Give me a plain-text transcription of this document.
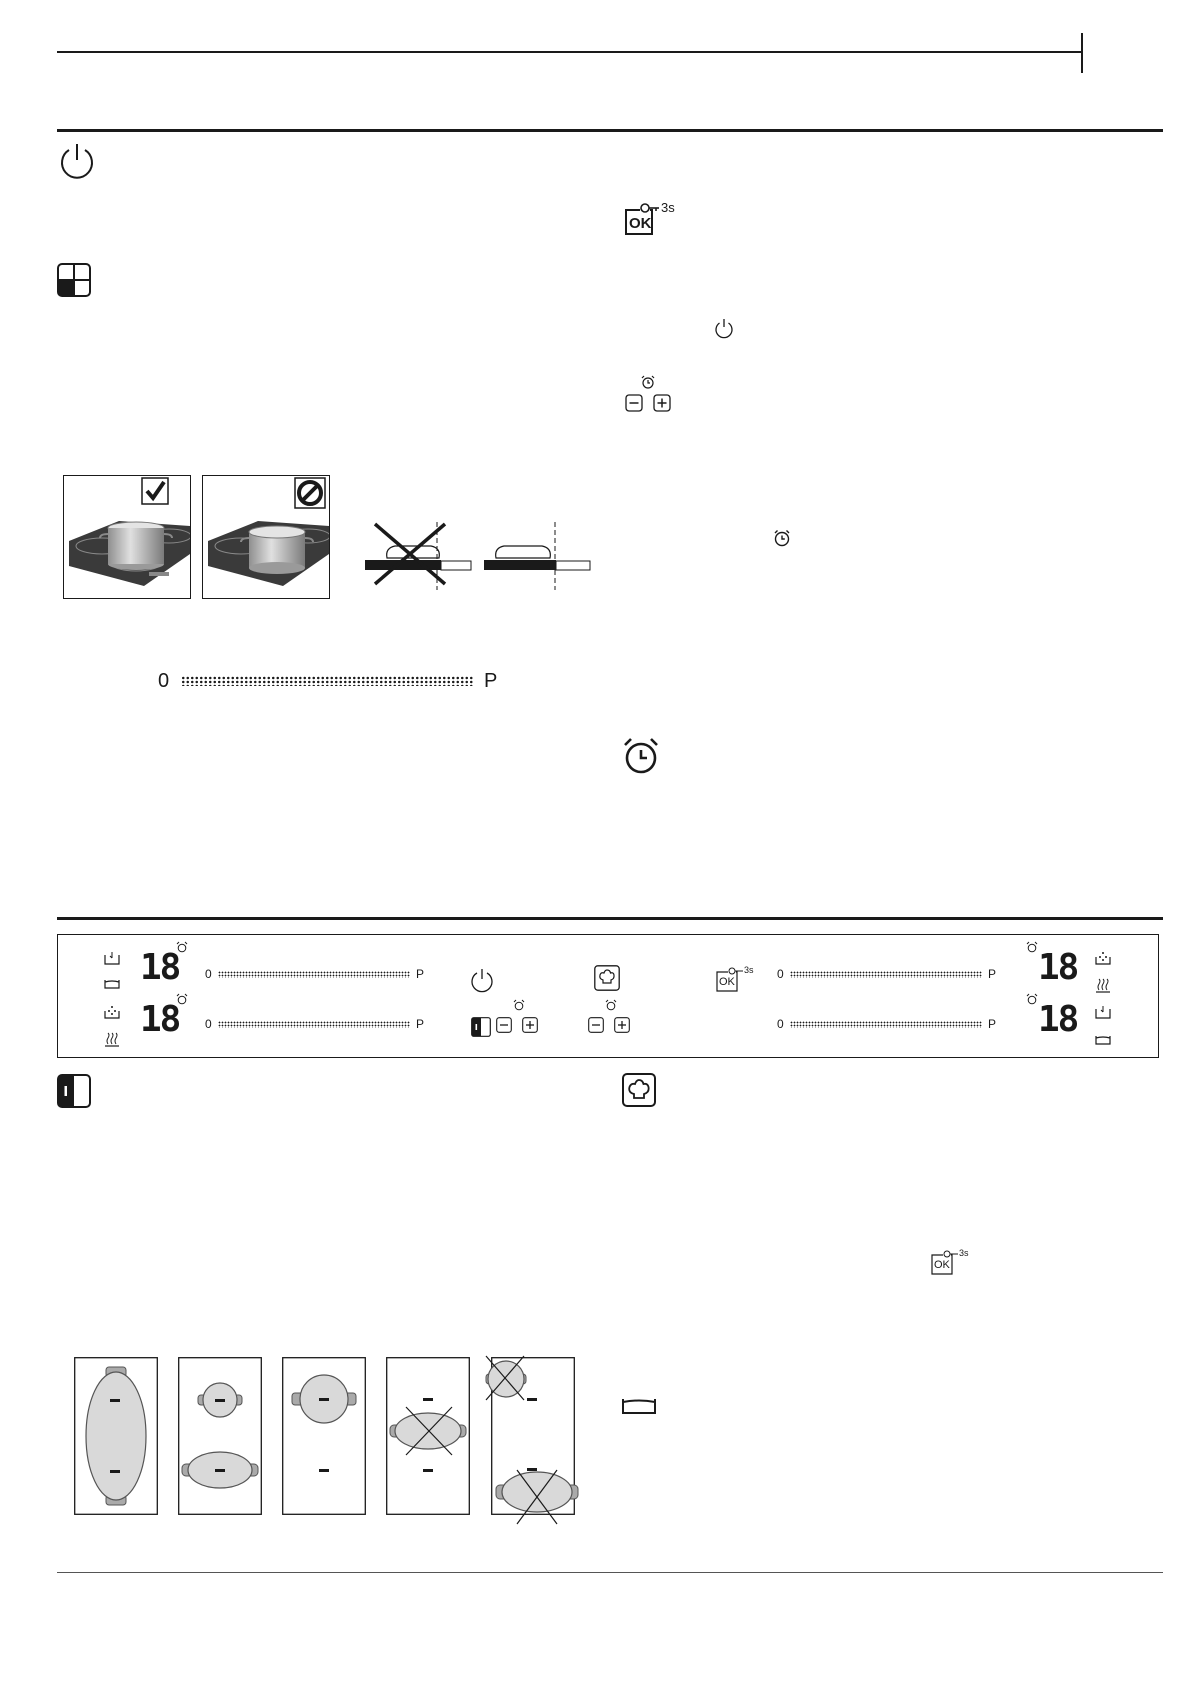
OK
3s
0	P
18
18
0	P
0	P
OK
3s 0	P
0	P
18
18
OK
3s
